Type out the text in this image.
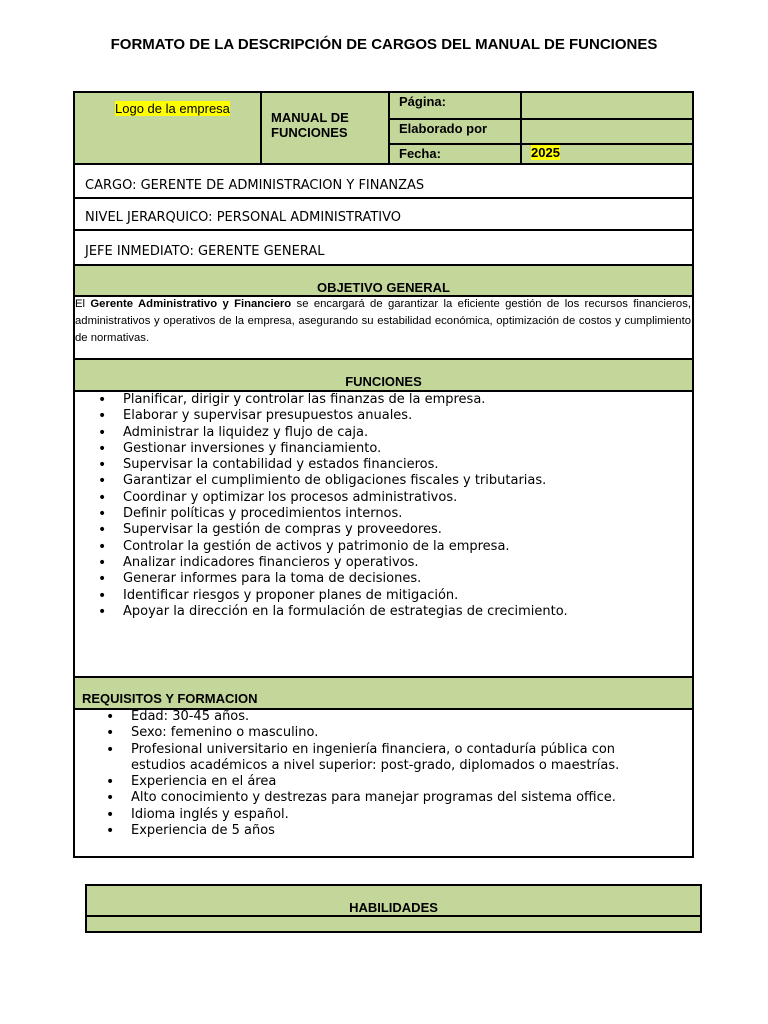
FORMATO DE LA DESCRIPCIÓN DE CARGOS DEL MANUAL DE FUNCIONES
Logo de la empresa
MANUAL DE
FUNCIONES
Página:
Elaborado por
Fecha:	2025
CARGO: GERENTE DE ADMINISTRACION Y FINANZAS
NIVEL JERARQUICO: PERSONAL ADMINISTRATIVO
JEFE INMEDIATO: GERENTE GENERAL
OBJETIVO GENERAL
El Gerente Administrativo y Financiero se encargará de garantizar la eficiente gestión de los recursos financieros, administrativos y operativos de la empresa, asegurando su estabilidad económica, optimización de costos y cumplimiento de normativas.
FUNCIONES
• Planificar, dirigir y controlar las finanzas de la empresa.
• Elaborar y supervisar presupuestos anuales.
• Administrar la liquidez y flujo de caja.
• Gestionar inversiones y financiamiento.
• Supervisar la contabilidad y estados financieros.
• Garantizar el cumplimiento de obligaciones fiscales y tributarias.
• Coordinar y optimizar los procesos administrativos.
• Definir políticas y procedimientos internos.
• Supervisar la gestión de compras y proveedores.
• Controlar la gestión de activos y patrimonio de la empresa.
• Analizar indicadores financieros y operativos.
• Generar informes para la toma de decisiones.
• Identificar riesgos y proponer planes de mitigación.
• Apoyar la dirección en la formulación de estrategias de crecimiento.
REQUISITOS Y FORMACION
• Edad: 30-45 años.
• Sexo: femenino o masculino.
• Profesional universitario en ingeniería financiera, o contaduría pública con estudios académicos a nivel superior: post-grado, diplomados o maestrías.
• Experiencia en el área
• Alto conocimiento y destrezas para manejar programas del sistema office.
• Idioma inglés y español.
• Experiencia de 5 años
HABILIDADES
